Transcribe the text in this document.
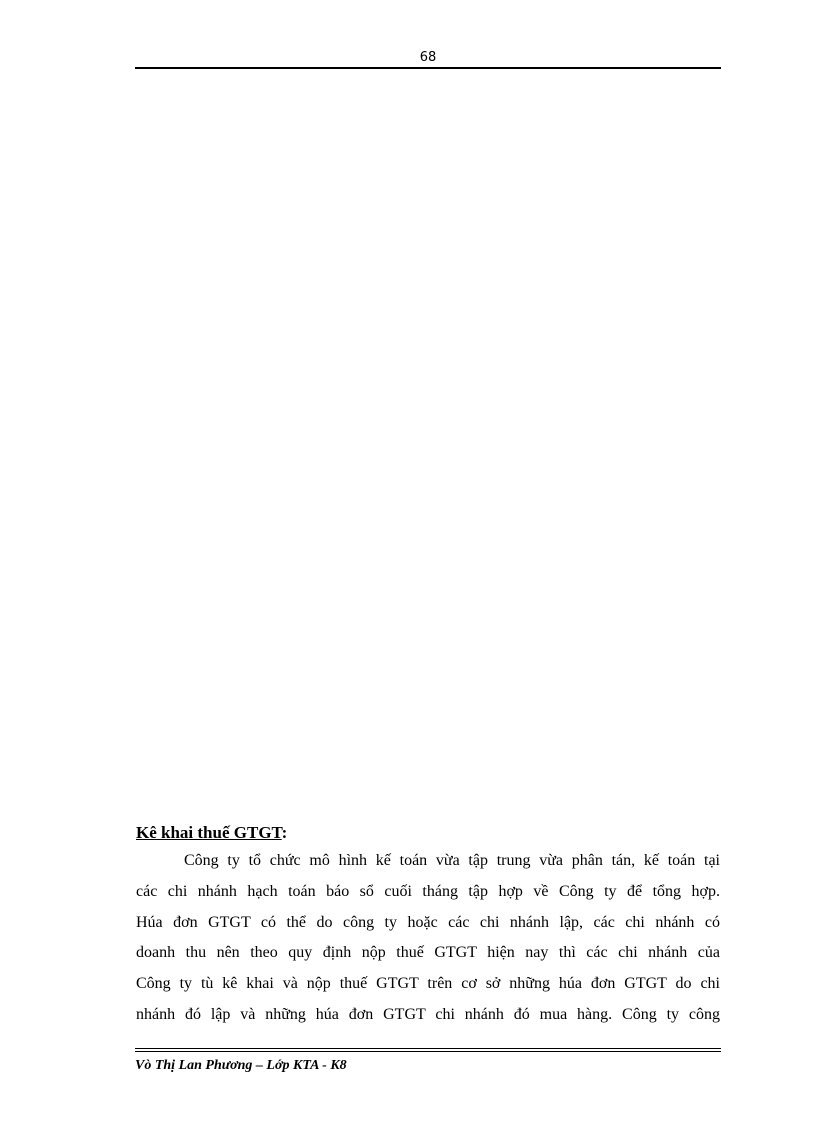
68

Kê khai thuế GTGT:

Công ty tổ chức mô hình kế toán vừa tập trung vừa phân tán, kế toán tại
các chi nhánh hạch toán báo sổ cuối tháng tập hợp về Công ty để tổng hợp.
Húa đơn GTGT có thể do công ty hoặc các chi nhánh lập, các chi nhánh có
doanh thu nên theo quy định nộp thuế GTGT hiện nay thì các chi nhánh của
Công ty tù kê khai và nộp thuế GTGT trên cơ sở những húa đơn GTGT do chi
nhánh đó lập và những húa đơn GTGT chi nhánh đó mua hàng. Công ty công

Vò Thị Lan Phương – Lớp KTA - K8
